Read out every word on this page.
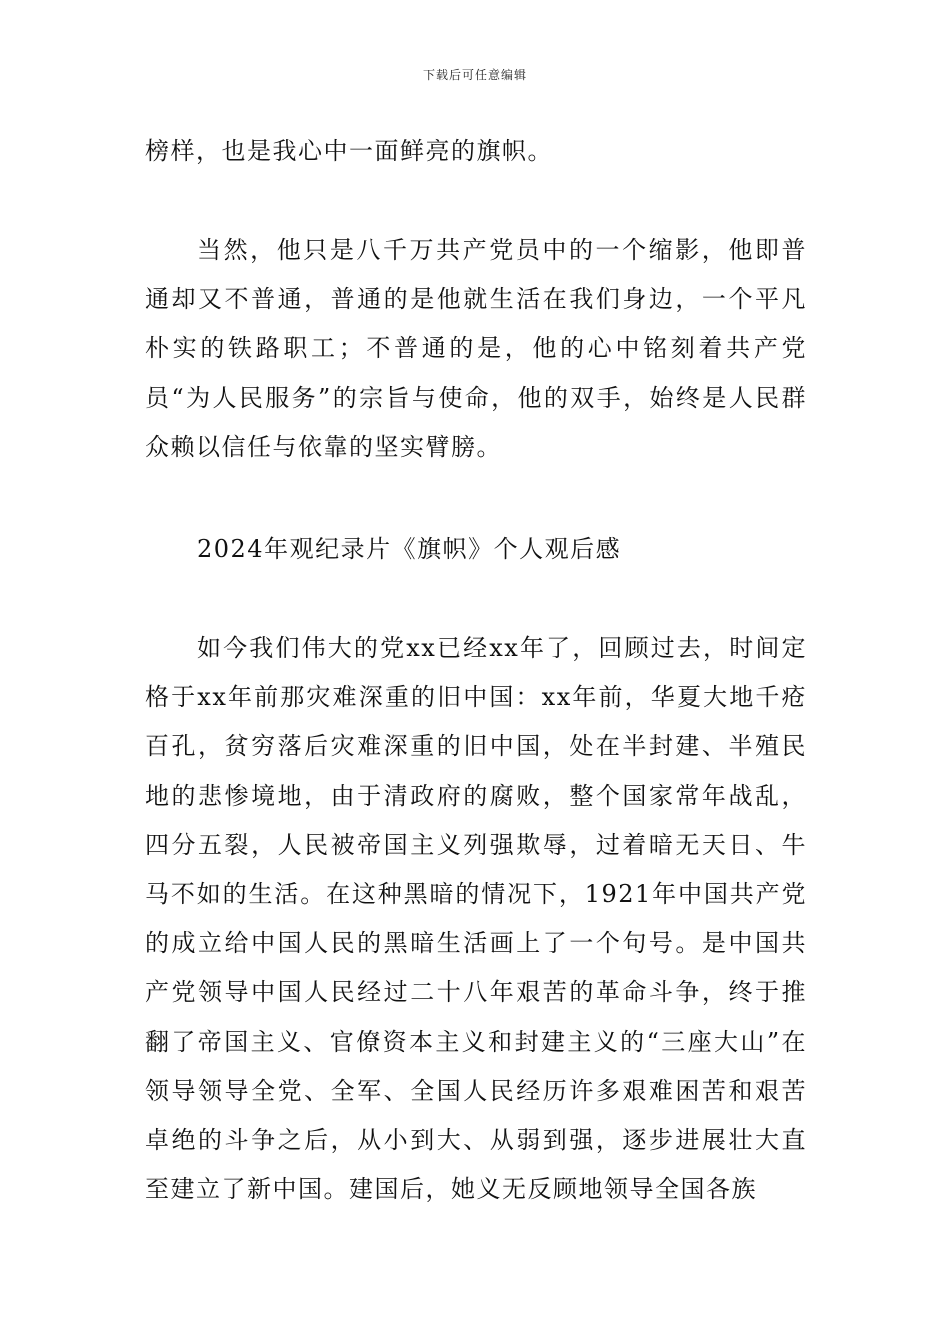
下载后可任意编辑
榜样，也是我心中一面鲜亮的旗帜。
当然，他只是八千万共产党员中的一个缩影，他即普通却又不普通，普通的是他就生活在我们身边，一个平凡朴实的铁路职工；不普通的是，他的心中铭刻着共产党员“为人民服务”的宗旨与使命，他的双手，始终是人民群众赖以信任与依靠的坚实臂膀。
2024年观纪录片《旗帜》个人观后感
如今我们伟大的党xx已经xx年了，回顾过去，时间定格于xx年前那灾难深重的旧中国：xx年前，华夏大地千疮百孔，贫穷落后灾难深重的旧中国，处在半封建、半殖民地的悲惨境地，由于清政府的腐败，整个国家常年战乱，四分五裂，人民被帝国主义列强欺辱，过着暗无天日、牛马不如的生活。在这种黑暗的情况下，1921年中国共产党的成立给中国人民的黑暗生活画上了一个句号。是中国共产党领导中国人民经过二十八年艰苦的革命斗争，终于推翻了帝国主义、官僚资本主义和封建主义的“三座大山”在领导领导全党、全军、全国人民经历许多艰难困苦和艰苦卓绝的斗争之后，从小到大、从弱到强，逐步进展壮大直至建立了新中国。建国后，她义无反顾地领导全国各族
